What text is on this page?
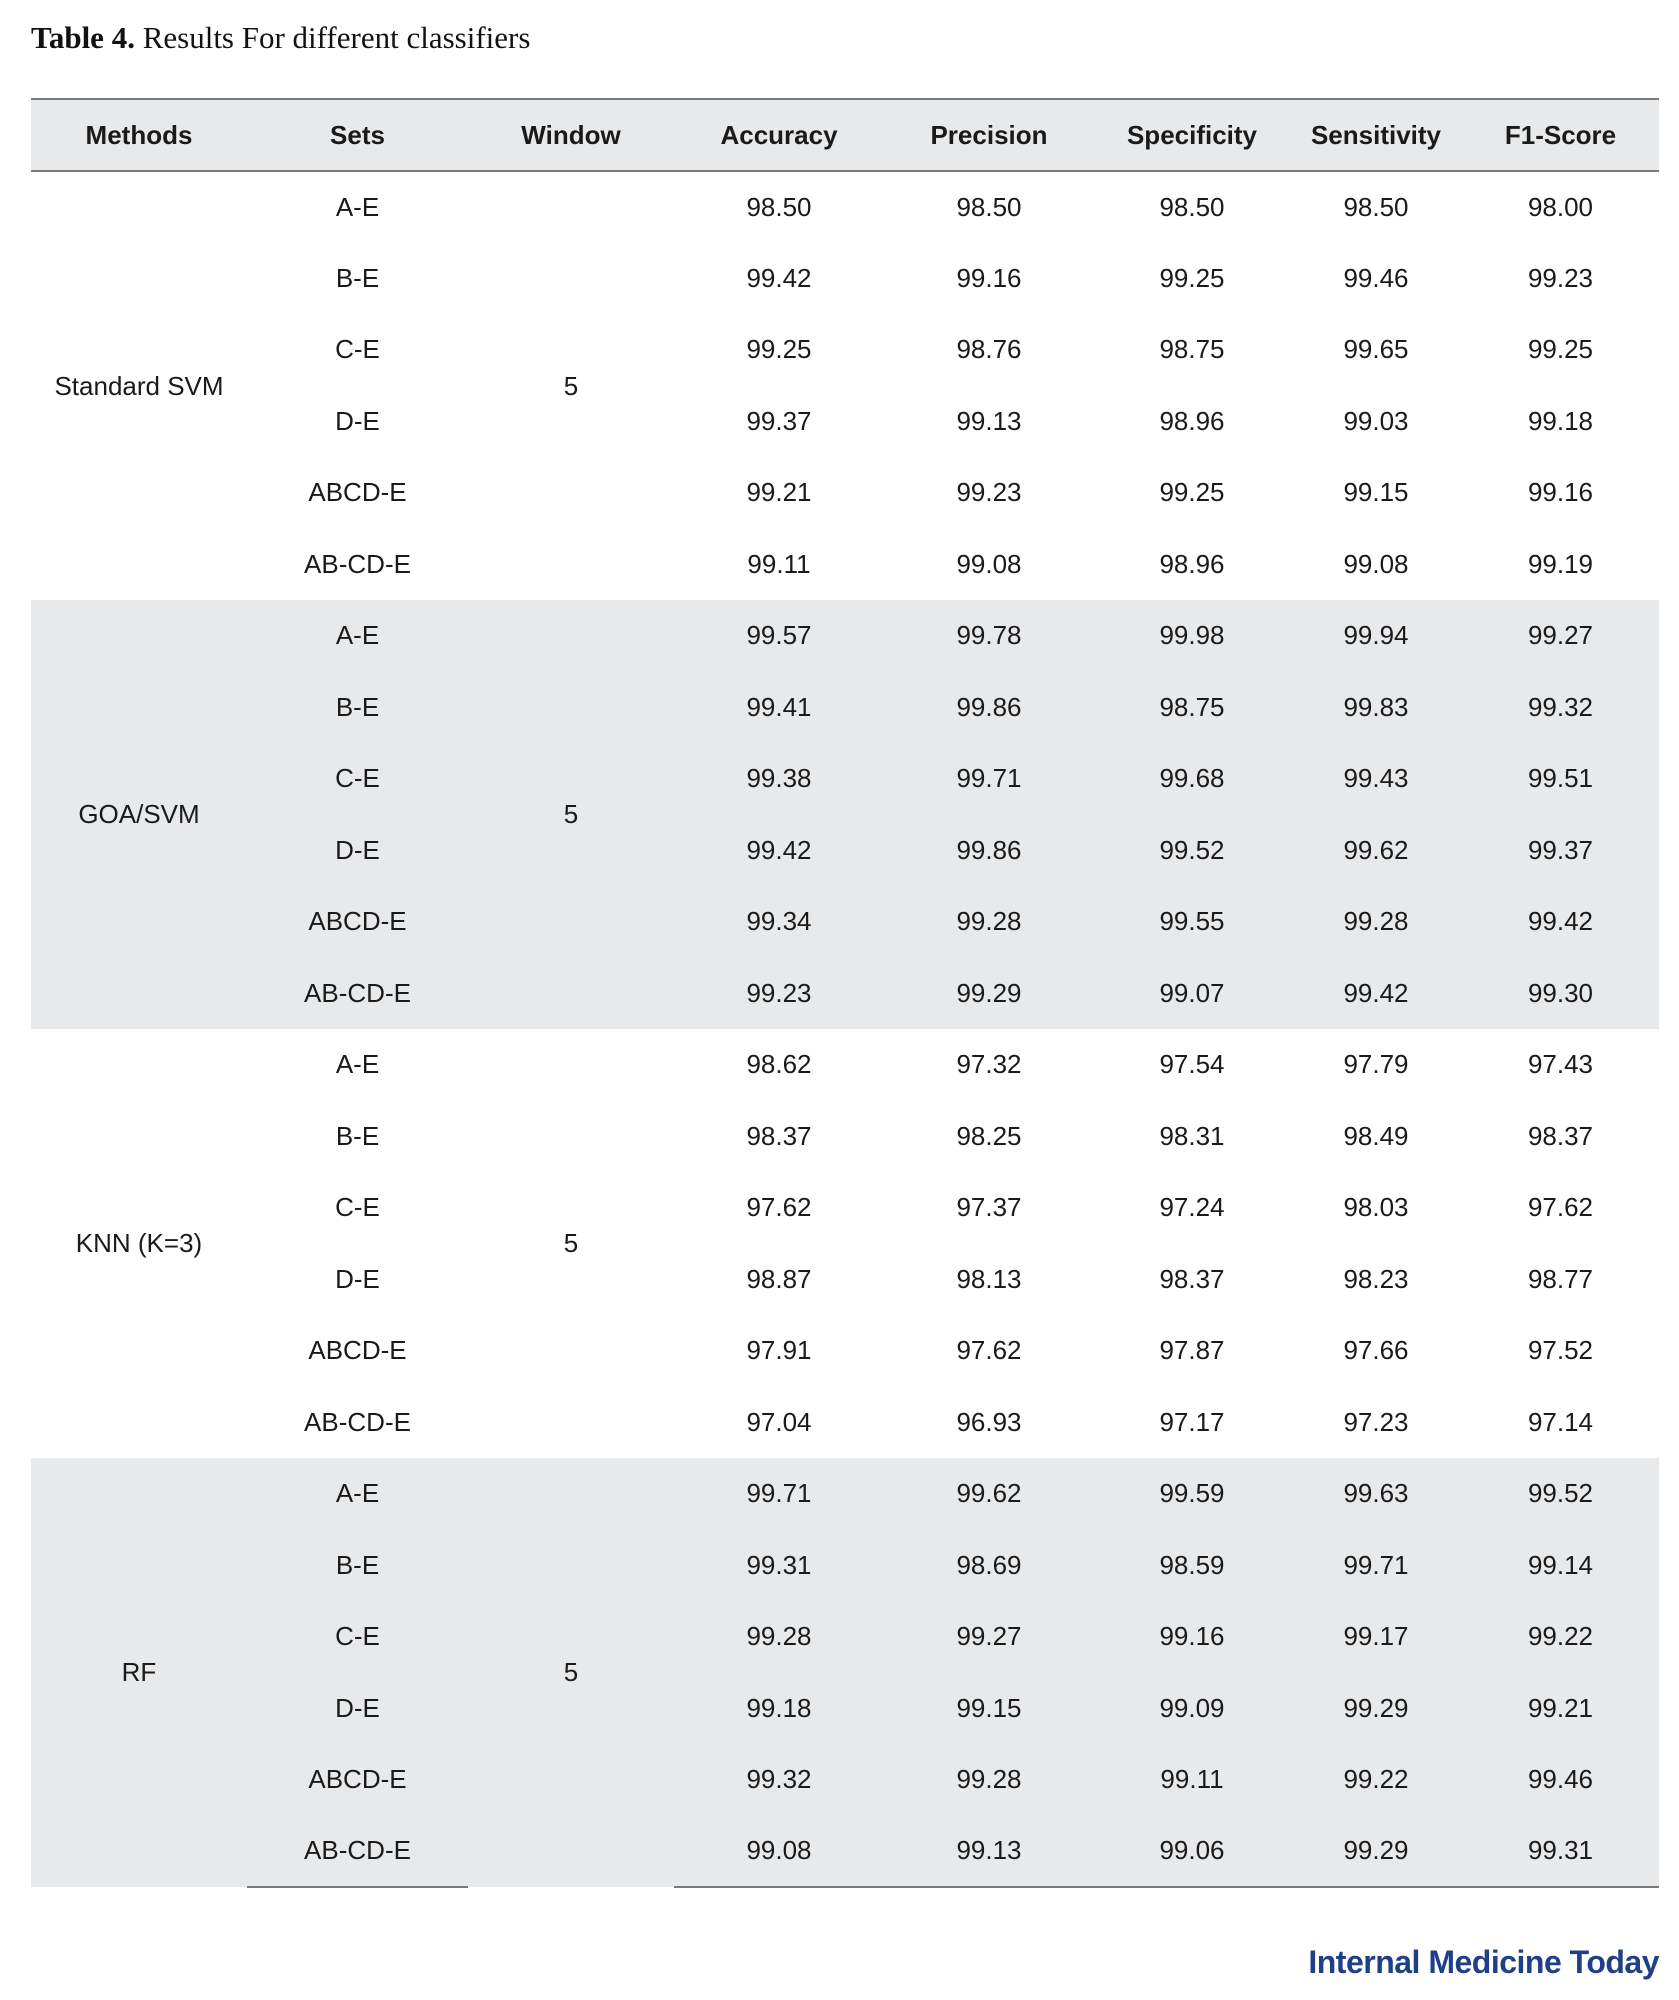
Table 4. Results For different classifiers
Methods	Sets	Window	Accuracy	Precision	Specificity	Sensitivity	F1-Score
Standard SVM	A-E	5	98.50	98.50	98.50	98.50	98.00
	B-E		99.42	99.16	99.25	99.46	99.23
	C-E		99.25	98.76	98.75	99.65	99.25
	D-E		99.37	99.13	98.96	99.03	99.18
	ABCD-E		99.21	99.23	99.25	99.15	99.16
	AB-CD-E		99.11	99.08	98.96	99.08	99.19
GOA/SVM	A-E	5	99.57	99.78	99.98	99.94	99.27
	B-E		99.41	99.86	98.75	99.83	99.32
	C-E		99.38	99.71	99.68	99.43	99.51
	D-E		99.42	99.86	99.52	99.62	99.37
	ABCD-E		99.34	99.28	99.55	99.28	99.42
	AB-CD-E		99.23	99.29	99.07	99.42	99.30
KNN (K=3)	A-E	5	98.62	97.32	97.54	97.79	97.43
	B-E		98.37	98.25	98.31	98.49	98.37
	C-E		97.62	97.37	97.24	98.03	97.62
	D-E		98.87	98.13	98.37	98.23	98.77
	ABCD-E		97.91	97.62	97.87	97.66	97.52
	AB-CD-E		97.04	96.93	97.17	97.23	97.14
RF	A-E	5	99.71	99.62	99.59	99.63	99.52
	B-E		99.31	98.69	98.59	99.71	99.14
	C-E		99.28	99.27	99.16	99.17	99.22
	D-E		99.18	99.15	99.09	99.29	99.21
	ABCD-E		99.32	99.28	99.11	99.22	99.46
	AB-CD-E		99.08	99.13	99.06	99.29	99.31
Internal Medicine Today
